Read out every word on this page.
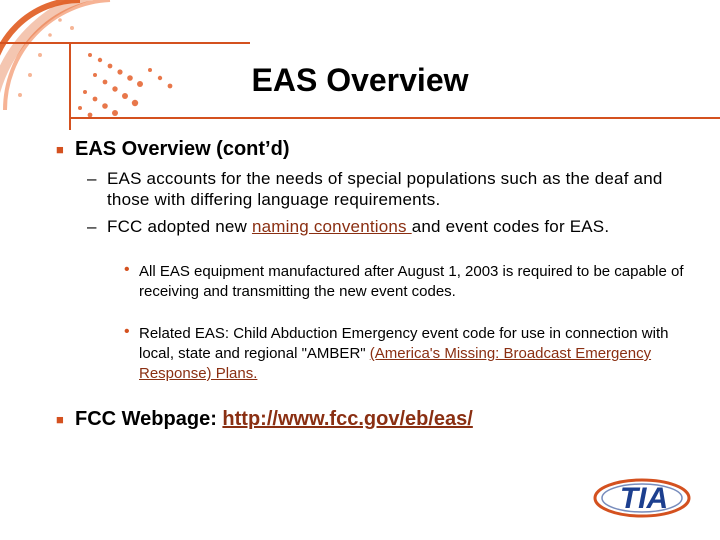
EAS Overview
■ EAS Overview (cont’d)
– EAS accounts for the needs of special populations such as the deaf and those with differing language requirements.
– FCC adopted new naming conventions and event codes for EAS.
• All EAS equipment manufactured after August 1, 2003 is required to be capable of receiving and transmitting the new event codes.
• Related EAS: Child Abduction Emergency event code for use in connection with local, state and regional "AMBER" (America's Missing: Broadcast Emergency Response) Plans.
■ FCC Webpage: http://www.fcc.gov/eb/eas/
TIA
